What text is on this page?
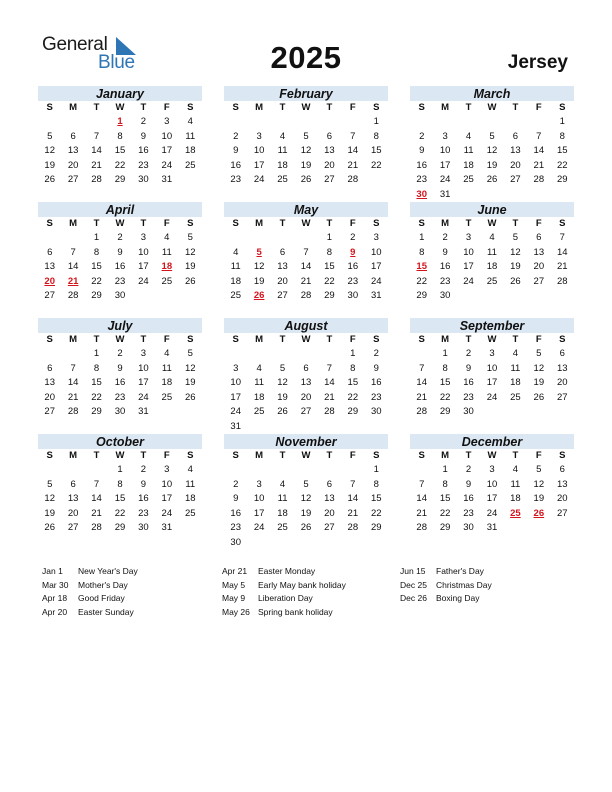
General
Blue	2025	Jersey
January
S	M	T	W	T	F	S
			1	2	3	4
5	6	7	8	9	10	11
12	13	14	15	16	17	18
19	20	21	22	23	24	25
26	27	28	29	30	31	
February
S	M	T	W	T	F	S
						1
2	3	4	5	6	7	8
9	10	11	12	13	14	15
16	17	18	19	20	21	22
23	24	25	26	27	28	
March
S	M	T	W	T	F	S
						1
2	3	4	5	6	7	8
9	10	11	12	13	14	15
16	17	18	19	20	21	22
23	24	25	26	27	28	29
30	31					
April
S	M	T	W	T	F	S
		1	2	3	4	5
6	7	8	9	10	11	12
13	14	15	16	17	18	19
20	21	22	23	24	25	26
27	28	29	30			
May
S	M	T	W	T	F	S
				1	2	3
4	5	6	7	8	9	10
11	12	13	14	15	16	17
18	19	20	21	22	23	24
25	26	27	28	29	30	31
June
S	M	T	W	T	F	S
1	2	3	4	5	6	7
8	9	10	11	12	13	14
15	16	17	18	19	20	21
22	23	24	25	26	27	28
29	30					
July
S	M	T	W	T	F	S
		1	2	3	4	5
6	7	8	9	10	11	12
13	14	15	16	17	18	19
20	21	22	23	24	25	26
27	28	29	30	31		
August
S	M	T	W	T	F	S
					1	2
3	4	5	6	7	8	9
10	11	12	13	14	15	16
17	18	19	20	21	22	23
24	25	26	27	28	29	30
31						
September
S	M	T	W	T	F	S
	1	2	3	4	5	6
7	8	9	10	11	12	13
14	15	16	17	18	19	20
21	22	23	24	25	26	27
28	29	30				
October
S	M	T	W	T	F	S
			1	2	3	4
5	6	7	8	9	10	11
12	13	14	15	16	17	18
19	20	21	22	23	24	25
26	27	28	29	30	31	
November
S	M	T	W	T	F	S
						1
2	3	4	5	6	7	8
9	10	11	12	13	14	15
16	17	18	19	20	21	22
23	24	25	26	27	28	29
30						
December
S	M	T	W	T	F	S
	1	2	3	4	5	6
7	8	9	10	11	12	13
14	15	16	17	18	19	20
21	22	23	24	25	26	27
28	29	30	31			
Jan 1 New Year's Day
Mar 30 Mother's Day
Apr 18 Good Friday
Apr 20 Easter Sunday
Apr 21 Easter Monday
May 5 Early May bank holiday
May 9 Liberation Day
May 26 Spring bank holiday
Jun 15 Father's Day
Dec 25 Christmas Day
Dec 26 Boxing Day
